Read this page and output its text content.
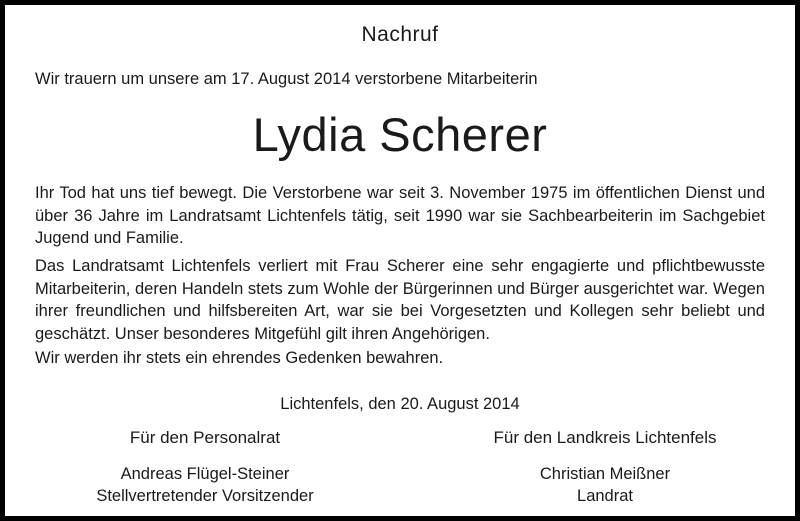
Nachruf
Wir trauern um unsere am 17. August 2014 verstorbene Mitarbeiterin
Lydia Scherer
Ihr Tod hat uns tief bewegt. Die Verstorbene war seit 3. November 1975 im öffentlichen Dienst und über 36 Jahre im Landratsamt Lichtenfels tätig, seit 1990 war sie Sachbearbeiterin im Sachgebiet Jugend und Familie.
Das Landratsamt Lichtenfels verliert mit Frau Scherer eine sehr engagierte und pflichtbewusste Mitarbeiterin, deren Handeln stets zum Wohle der Bürgerinnen und Bürger ausgerichtet war. Wegen ihrer freundlichen und hilfsbereiten Art, war sie bei Vorgesetzten und Kollegen sehr beliebt und geschätzt. Unser besonderes Mitgefühl gilt ihren Angehörigen.
Wir werden ihr stets ein ehrendes Gedenken bewahren.
Lichtenfels, den 20. August 2014
Für den Personalrat
Andreas Flügel-Steiner
Stellvertretender Vorsitzender
Für den Landkreis Lichtenfels
Christian Meißner
Landrat
